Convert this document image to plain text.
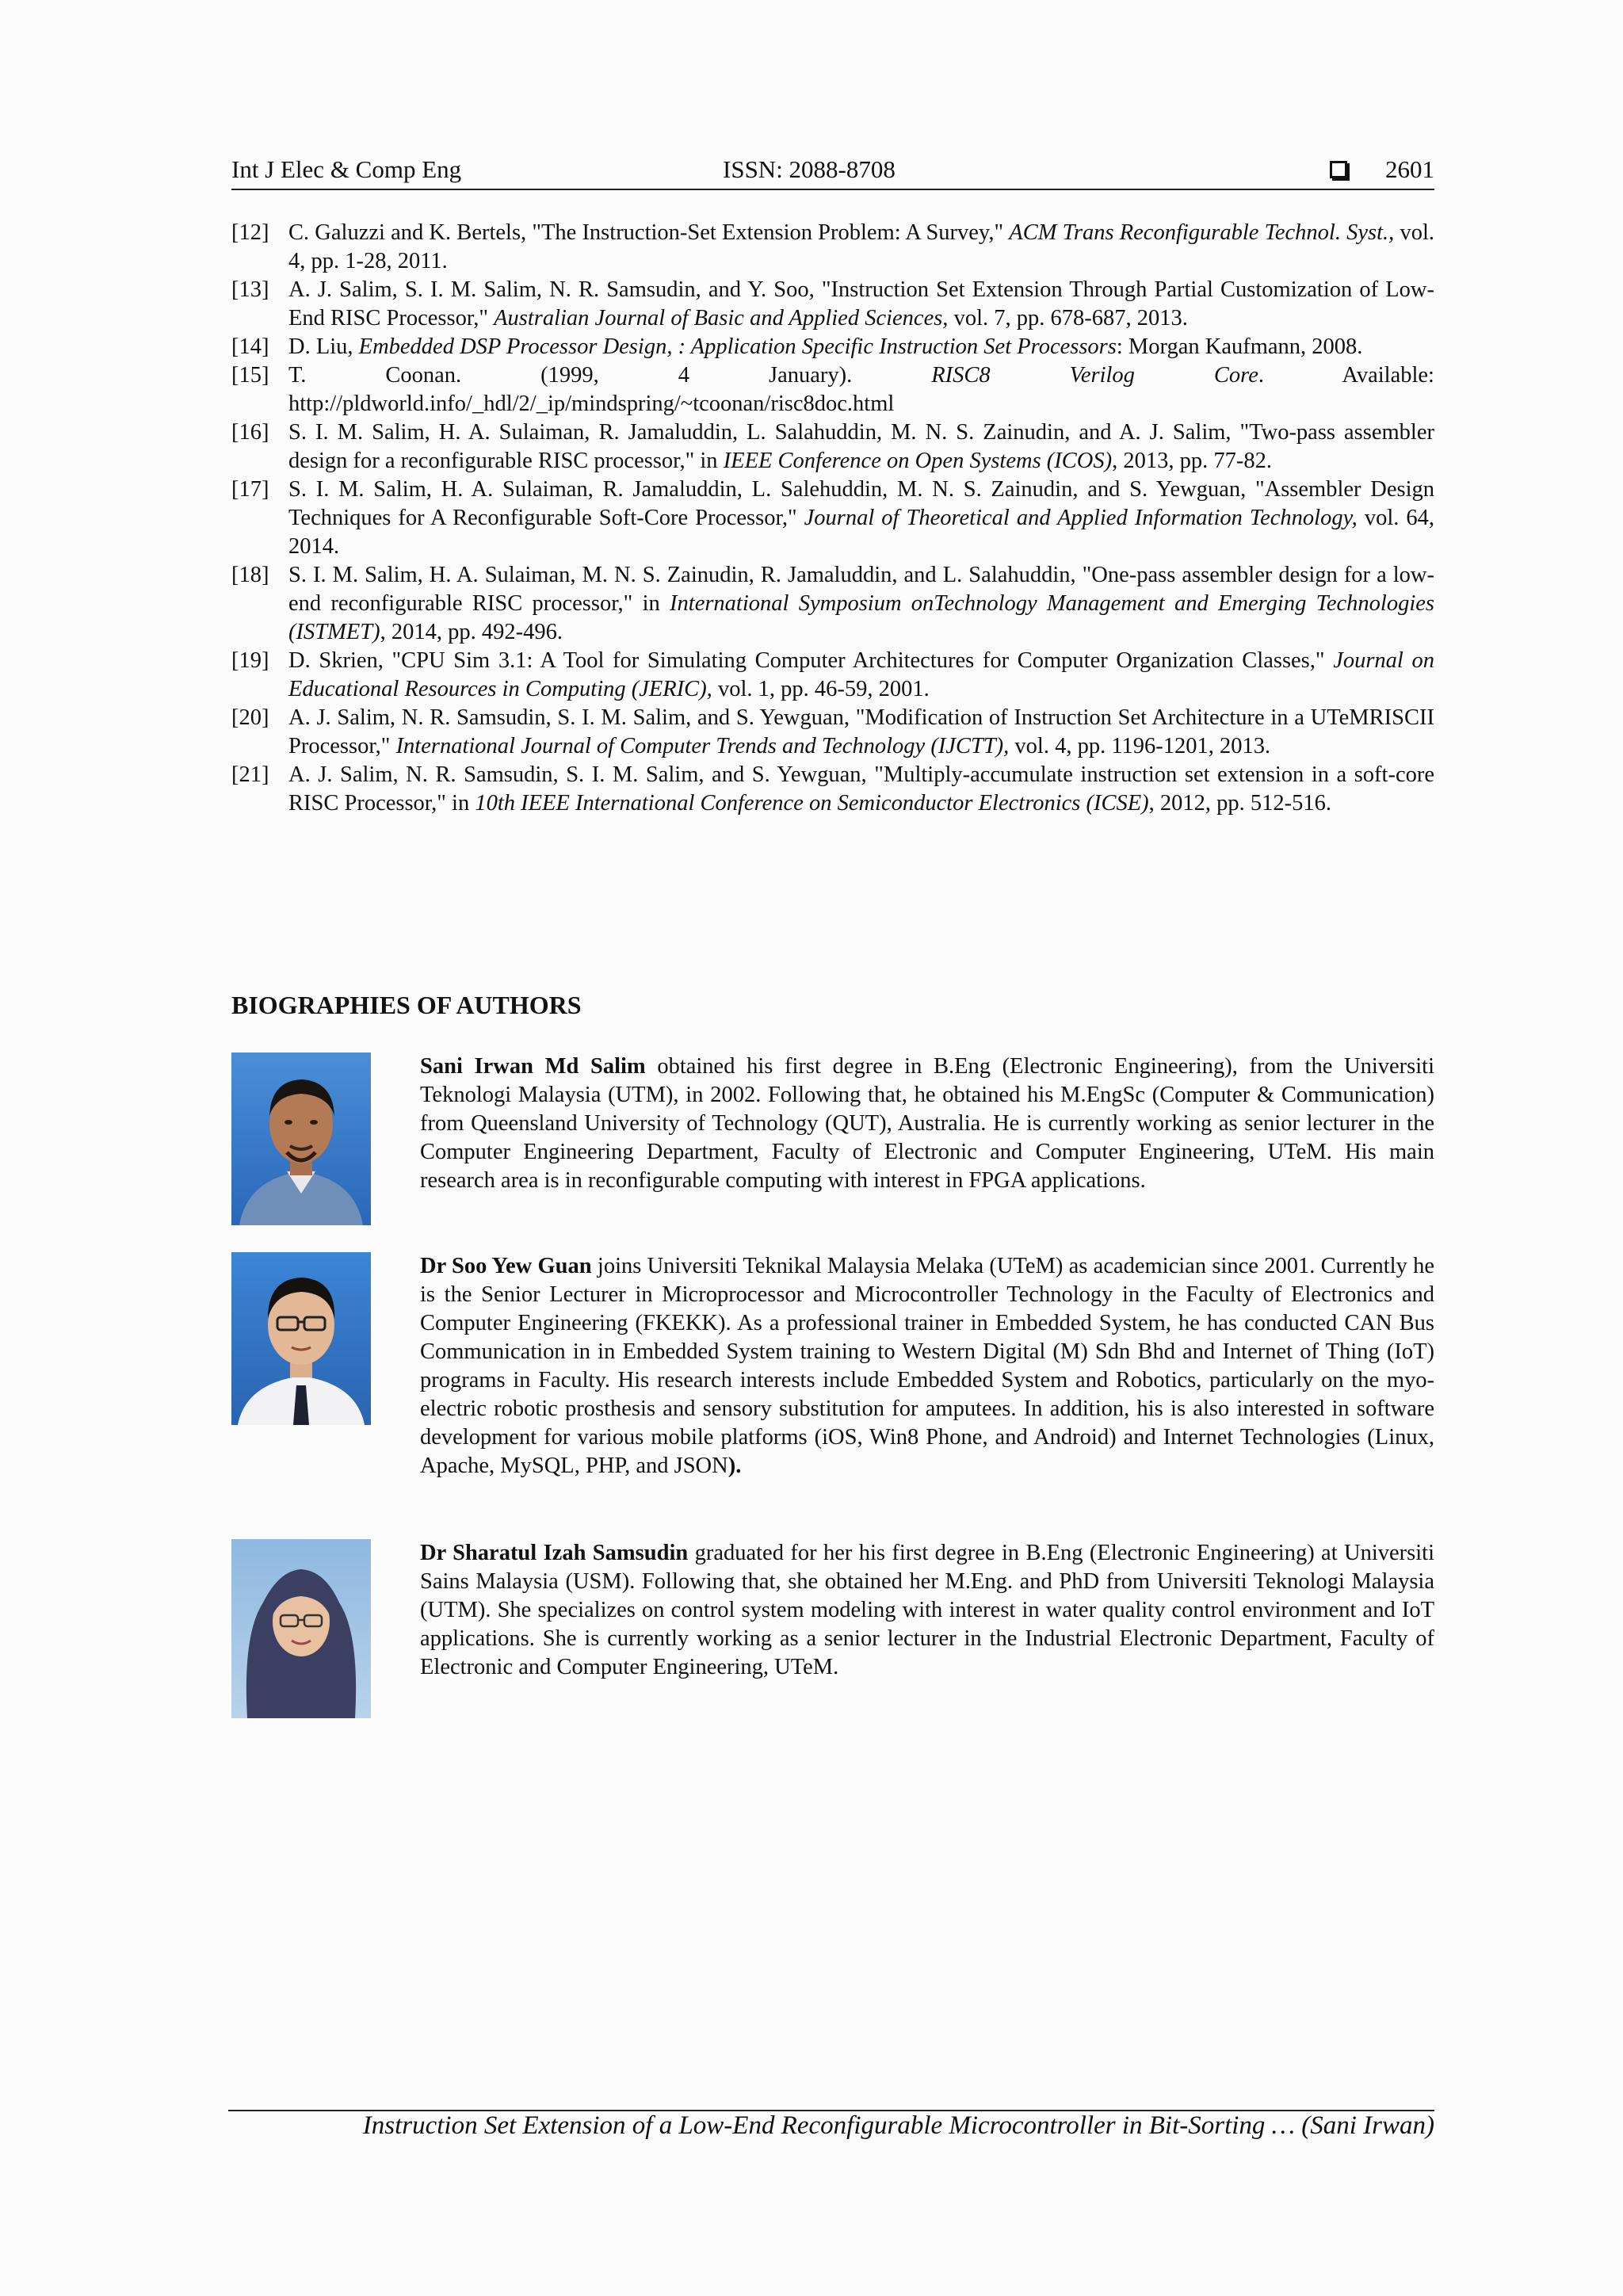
Int J Elec & Comp Eng	ISSN: 2088-8708	2601
[12] C. Galuzzi and K. Bertels, "The Instruction-Set Extension Problem: A Survey," ACM Trans Reconfigurable Technol. Syst., vol. 4, pp. 1-28, 2011.
[13] A. J. Salim, S. I. M. Salim, N. R. Samsudin, and Y. Soo, "Instruction Set Extension Through Partial Customization of Low-End RISC Processor," Australian Journal of Basic and Applied Sciences, vol. 7, pp. 678-687, 2013.
[14] D. Liu, Embedded DSP Processor Design, : Application Specific Instruction Set Processors: Morgan Kaufmann, 2008.
[15] T. Coonan. (1999, 4 January). RISC8 Verilog Core. Available: http://pldworld.info/_hdl/2/_ip/mindspring/~tcoonan/risc8doc.html
[16] S. I. M. Salim, H. A. Sulaiman, R. Jamaluddin, L. Salahuddin, M. N. S. Zainudin, and A. J. Salim, "Two-pass assembler design for a reconfigurable RISC processor," in IEEE Conference on Open Systems (ICOS), 2013, pp. 77-82.
[17] S. I. M. Salim, H. A. Sulaiman, R. Jamaluddin, L. Salehuddin, M. N. S. Zainudin, and S. Yewguan, "Assembler Design Techniques for A Reconfigurable Soft-Core Processor," Journal of Theoretical and Applied Information Technology, vol. 64, 2014.
[18] S. I. M. Salim, H. A. Sulaiman, M. N. S. Zainudin, R. Jamaluddin, and L. Salahuddin, "One-pass assembler design for a low-end reconfigurable RISC processor," in International Symposium onTechnology Management and Emerging Technologies (ISTMET), 2014, pp. 492-496.
[19] D. Skrien, "CPU Sim 3.1: A Tool for Simulating Computer Architectures for Computer Organization Classes," Journal on Educational Resources in Computing (JERIC), vol. 1, pp. 46-59, 2001.
[20] A. J. Salim, N. R. Samsudin, S. I. M. Salim, and S. Yewguan, "Modification of Instruction Set Architecture in a UTeMRISCII Processor," International Journal of Computer Trends and Technology (IJCTT), vol. 4, pp. 1196-1201, 2013.
[21] A. J. Salim, N. R. Samsudin, S. I. M. Salim, and S. Yewguan, "Multiply-accumulate instruction set extension in a soft-core RISC Processor," in 10th IEEE International Conference on Semiconductor Electronics (ICSE), 2012, pp. 512-516.
BIOGRAPHIES OF AUTHORS
Sani Irwan Md Salim obtained his first degree in B.Eng (Electronic Engineering), from the Universiti Teknologi Malaysia (UTM), in 2002. Following that, he obtained his M.EngSc (Computer & Communication) from Queensland University of Technology (QUT), Australia. He is currently working as senior lecturer in the Computer Engineering Department, Faculty of Electronic and Computer Engineering, UTeM. His main research area is in reconfigurable computing with interest in FPGA applications.
Dr Soo Yew Guan joins Universiti Teknikal Malaysia Melaka (UTeM) as academician since 2001. Currently he is the Senior Lecturer in Microprocessor and Microcontroller Technology in the Faculty of Electronics and Computer Engineering (FKEKK). As a professional trainer in Embedded System, he has conducted CAN Bus Communication in in Embedded System training to Western Digital (M) Sdn Bhd and Internet of Thing (IoT) programs in Faculty. His research interests include Embedded System and Robotics, particularly on the myo-electric robotic prosthesis and sensory substitution for amputees. In addition, his is also interested in software development for various mobile platforms (iOS, Win8 Phone, and Android) and Internet Technologies (Linux, Apache, MySQL, PHP, and JSON).
Dr Sharatul Izah Samsudin graduated for her his first degree in B.Eng (Electronic Engineering) at Universiti Sains Malaysia (USM). Following that, she obtained her M.Eng. and PhD from Universiti Teknologi Malaysia (UTM). She specializes on control system modeling with interest in water quality control environment and IoT applications. She is currently working as a senior lecturer in the Industrial Electronic Department, Faculty of Electronic and Computer Engineering, UTeM.
Instruction Set Extension of a Low-End Reconfigurable Microcontroller in Bit-Sorting … (Sani Irwan)
